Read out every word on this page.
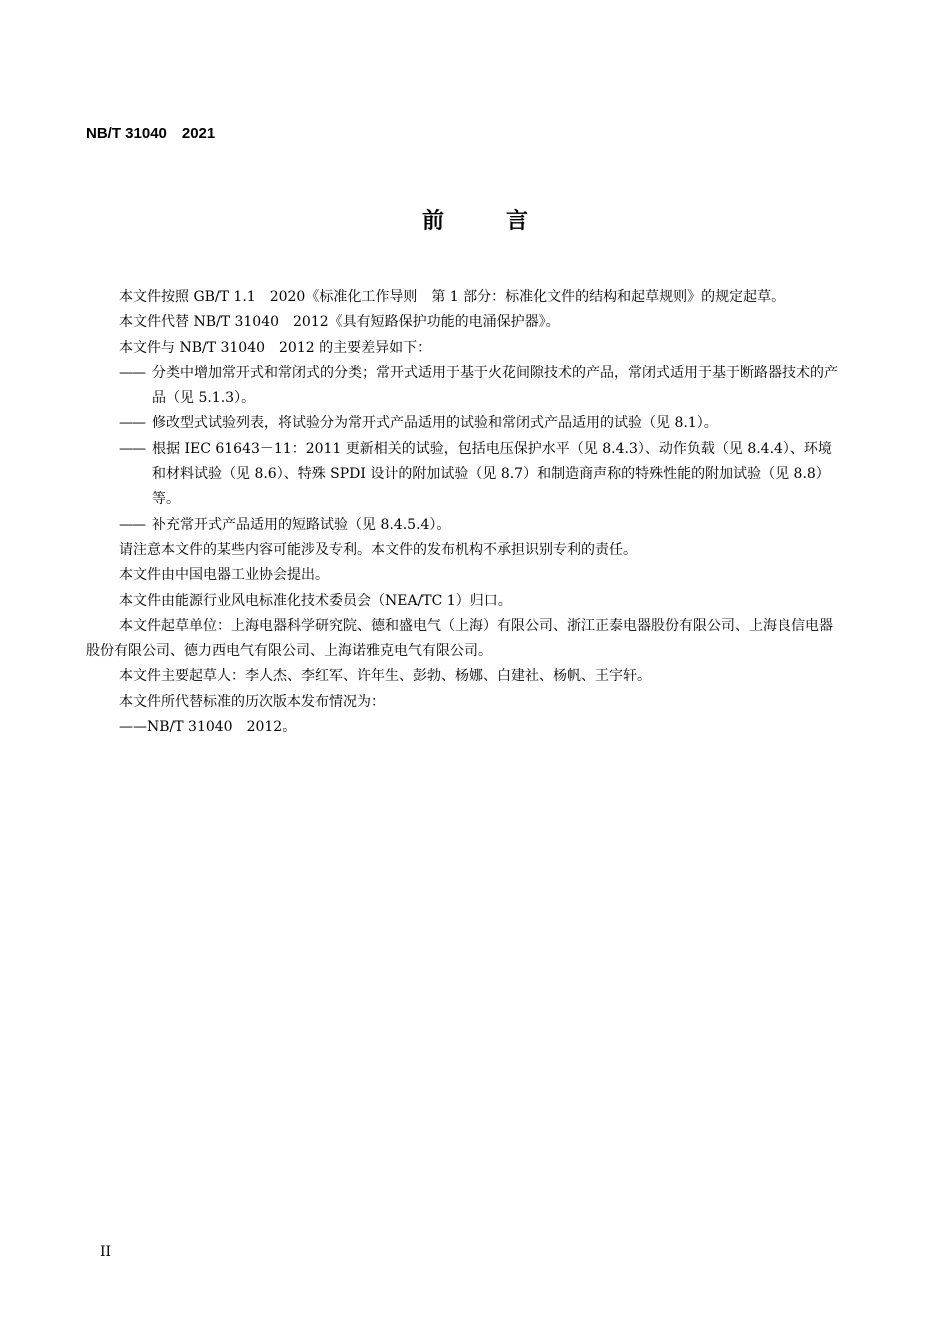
NB/T 31040 2021
前言

本文件按照 GB/T 1.1 2020《标准化工作导则　第 1 部分：标准化文件的结构和起草规则》的规定起草。

本文件代替 NB/T 31040 2012《具有短路保护功能的电涌保护器》。

本文件与 NB/T 31040 2012 的主要差异如下：

—— 分类中增加常开式和常闭式的分类；常开式适用于基于火花间隙技术的产品，常闭式适用于基于断路器技术的产品（见 5.1.3）。

—— 修改型式试验列表，将试验分为常开式产品适用的试验和常闭式产品适用的试验（见 8.1）。

—— 根据 IEC 61643－11：2011 更新相关的试验，包括电压保护水平（见 8.4.3）、动作负载（见 8.4.4）、环境和材料试验（见 8.6）、特殊 SPDI 设计的附加试验（见 8.7）和制造商声称的特殊性能的附加试验（见 8.8）等。

—— 补充常开式产品适用的短路试验（见 8.4.5.4）。

请注意本文件的某些内容可能涉及专利。本文件的发布机构不承担识别专利的责任。

本文件由中国电器工业协会提出。

本文件由能源行业风电标准化技术委员会（NEA/TC 1）归口。

本文件起草单位：上海电器科学研究院、德和盛电气（上海）有限公司、浙江正泰电器股份有限公司、上海良信电器股份有限公司、德力西电气有限公司、上海诺雅克电气有限公司。

本文件主要起草人：李人杰、李红军、许年生、彭勃、杨娜、白建社、杨帆、王宇轩。

本文件所代替标准的历次版本发布情况为：

——NB/T 31040 2012。

II
